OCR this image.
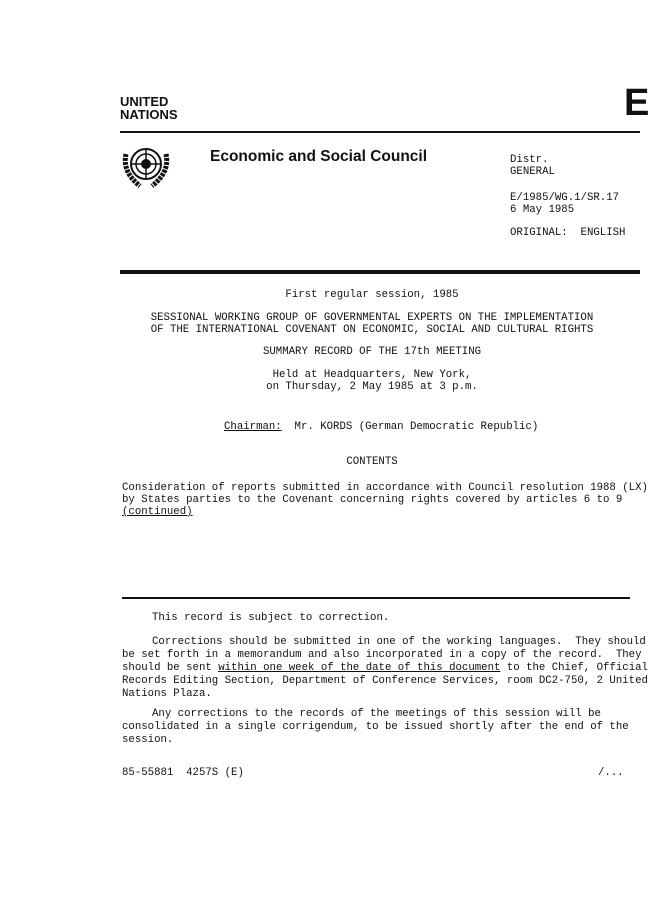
UNITED
NATIONS	E
Economic and Social Council	Distr.
GENERAL
E/1985/WG.1/SR.17
6 May 1985
ORIGINAL:  ENGLISH
First regular session, 1985
SESSIONAL WORKING GROUP OF GOVERNMENTAL EXPERTS ON THE IMPLEMENTATION
OF THE INTERNATIONAL COVENANT ON ECONOMIC, SOCIAL AND CULTURAL RIGHTS
SUMMARY RECORD OF THE 17th MEETING
Held at Headquarters, New York,
on Thursday, 2 May 1985 at 3 p.m.
Chairman:  Mr. KORDS (German Democratic Republic)
CONTENTS
Consideration of reports submitted in accordance with Council resolution 1988 (LX)
by States parties to the Covenant concerning rights covered by articles 6 to 9
(continued)
This record is subject to correction.
Corrections should be submitted in one of the working languages.  They should
be set forth in a memorandum and also incorporated in a copy of the record.  They
should be sent within one week of the date of this document to the Chief, Official
Records Editing Section, Department of Conference Services, room DC2-750, 2 United
Nations Plaza.
Any corrections to the records of the meetings of this session will be
consolidated in a single corrigendum, to be issued shortly after the end of the
session.
85-55881  4257S (E)	/...
